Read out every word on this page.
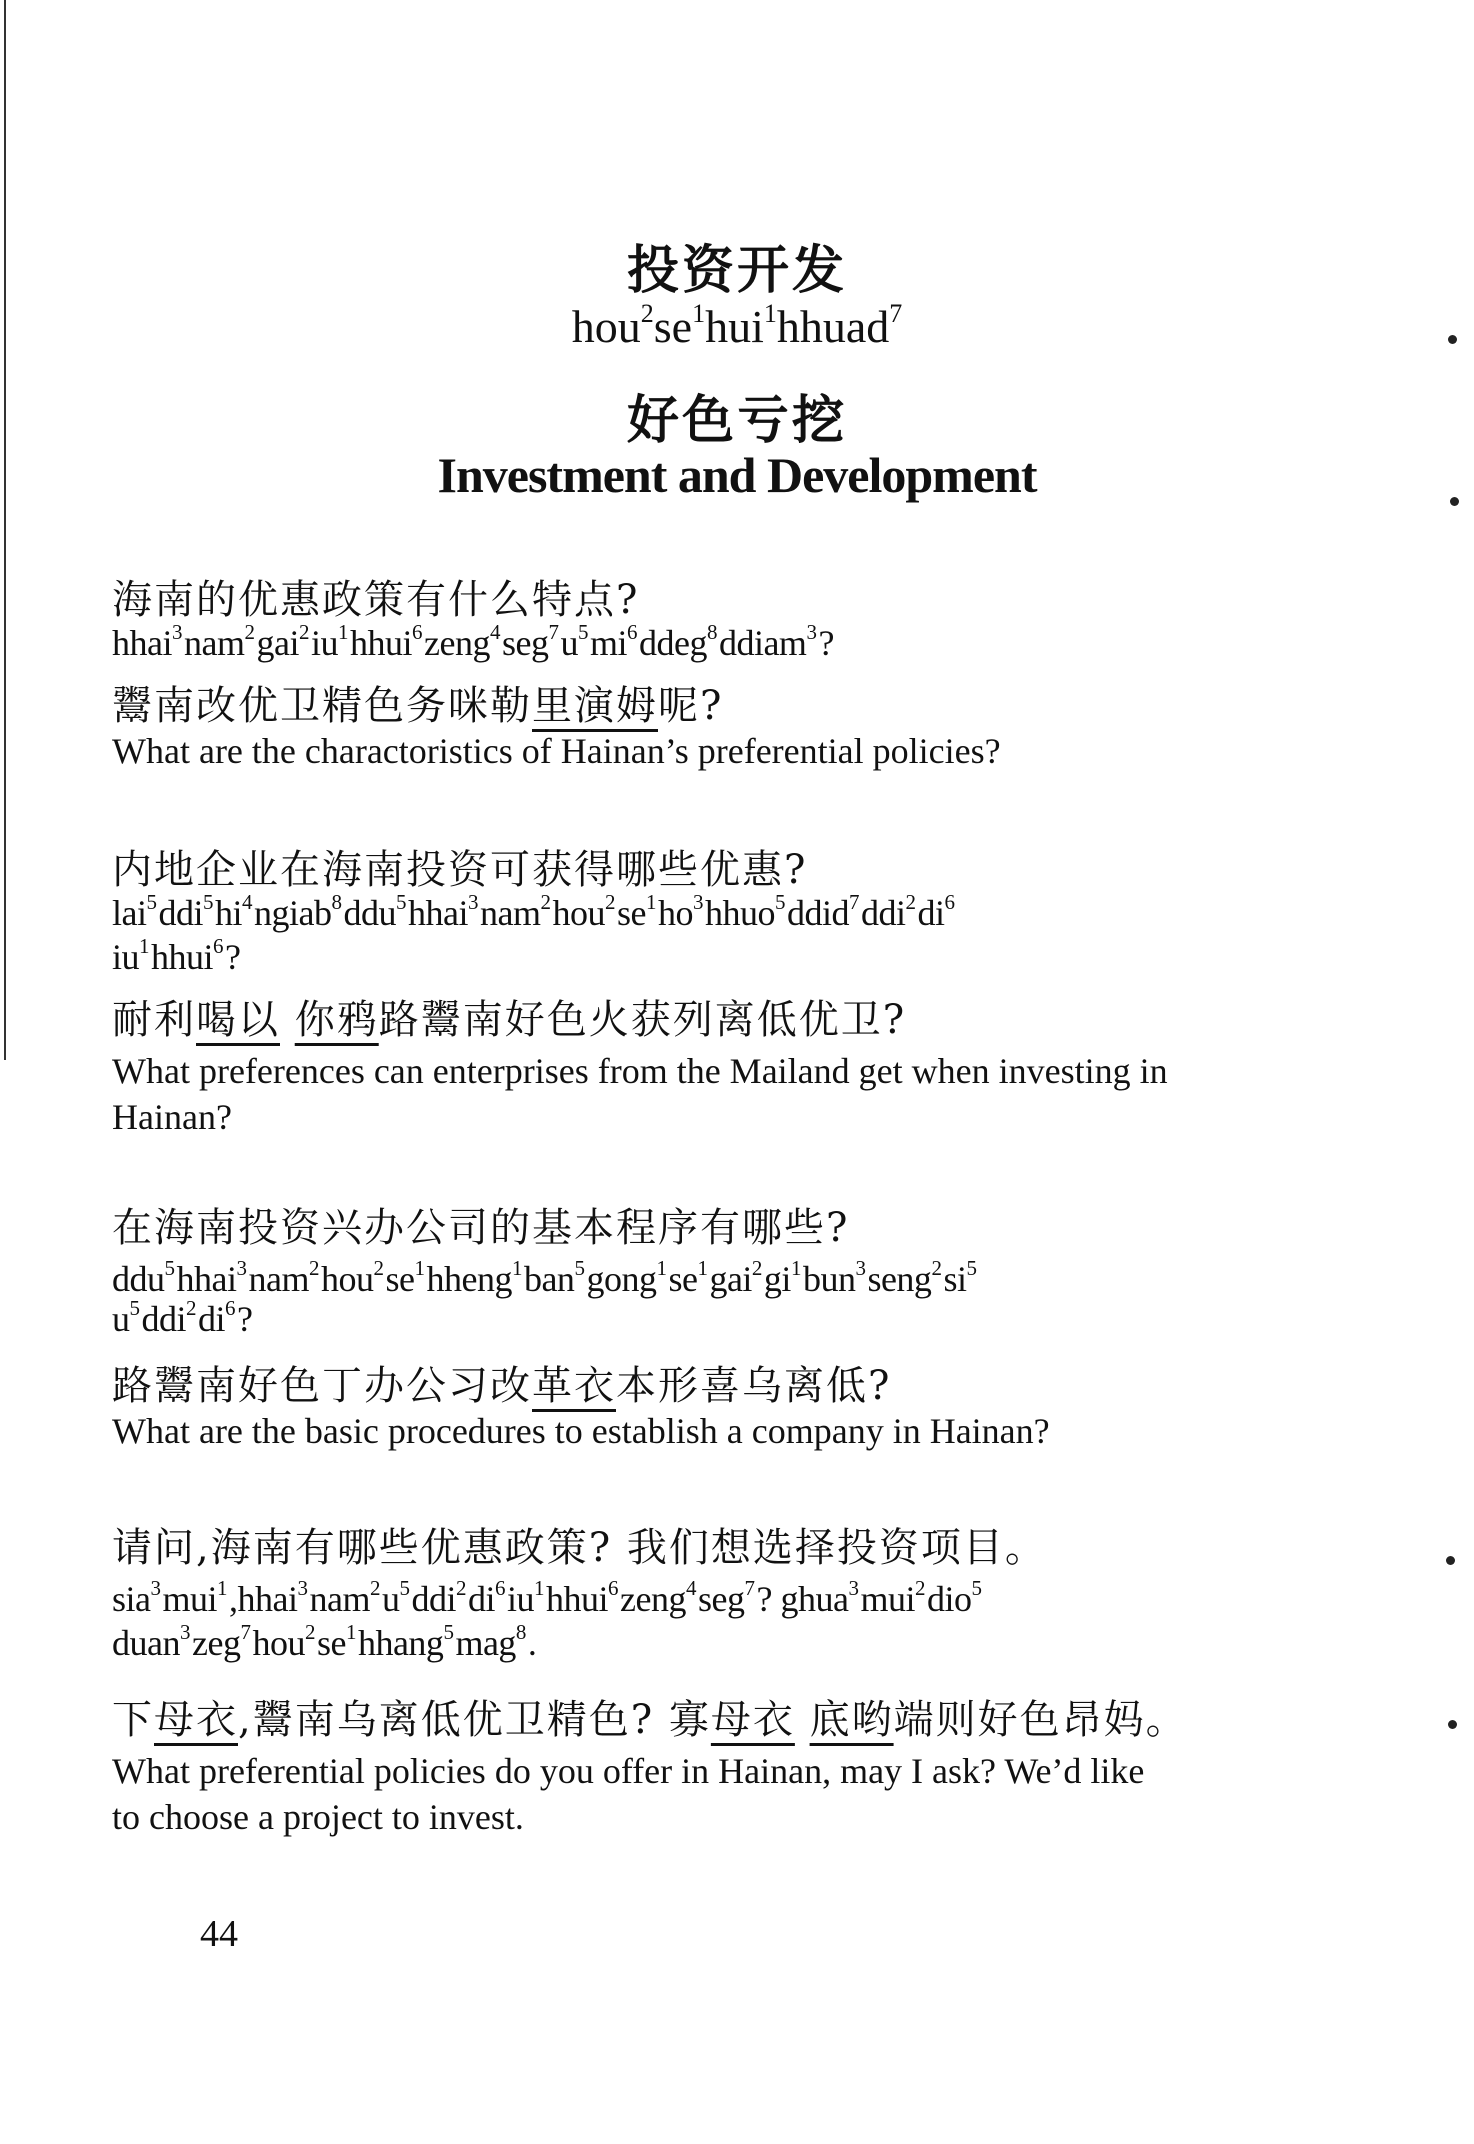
投资开发
$hou^2se^1hui^1hhuad^7$
好色亏挖
Investment and Development
海南的优惠政策有什么特点?
$hhai^3nam^2gai^2iu^1hhui^6zeng^4seg^7u^5mi^6ddeg^8ddiam^3$?
鬻南改优卫精色务咪勒里演姆呢?
What are the charactoristics of Hainan’s preferential policies?
内地企业在海南投资可获得哪些优惠?
$lai^5ddi^5hi^4ngiab^8ddu^5hhai^3nam^2hou^2se^1ho^3hhuo^5ddid^7ddi^2di^6$
$iu^1hhui^6$?
耐利喝以 你鸦路鬻南好色火获列离低优卫?
What preferences can enterprises from the Mailand get when investing in
Hainan?
在海南投资兴办公司的基本程序有哪些?
$ddu^5hhai^3nam^2hou^2se^1hheng^1ban^5gong^1se^1gai^2gi^1bun^3seng^2si^5$
$u^5ddi^2di^6$?
路鬻南好色丁办公习改革衣本形喜乌离低?
What are the basic procedures to establish a company in Hainan?
请问,海南有哪些优惠政策? 我们想选择投资项目。
$sia^3mui^1,hhai^3nam^2u^5ddi^2di^6iu^1hhui^6zeng^4seg^7$? ghua$^3$mui$^2$dio$^5$
$duan^3zeg^7hou^2se^1hhang^5mag^8$.
下母衣,鬻南乌离低优卫精色? 寡母衣 底哟端则好色昂妈。
What preferential policies do you offer in Hainan, may I ask? We’d like
to choose a project to invest.
44
